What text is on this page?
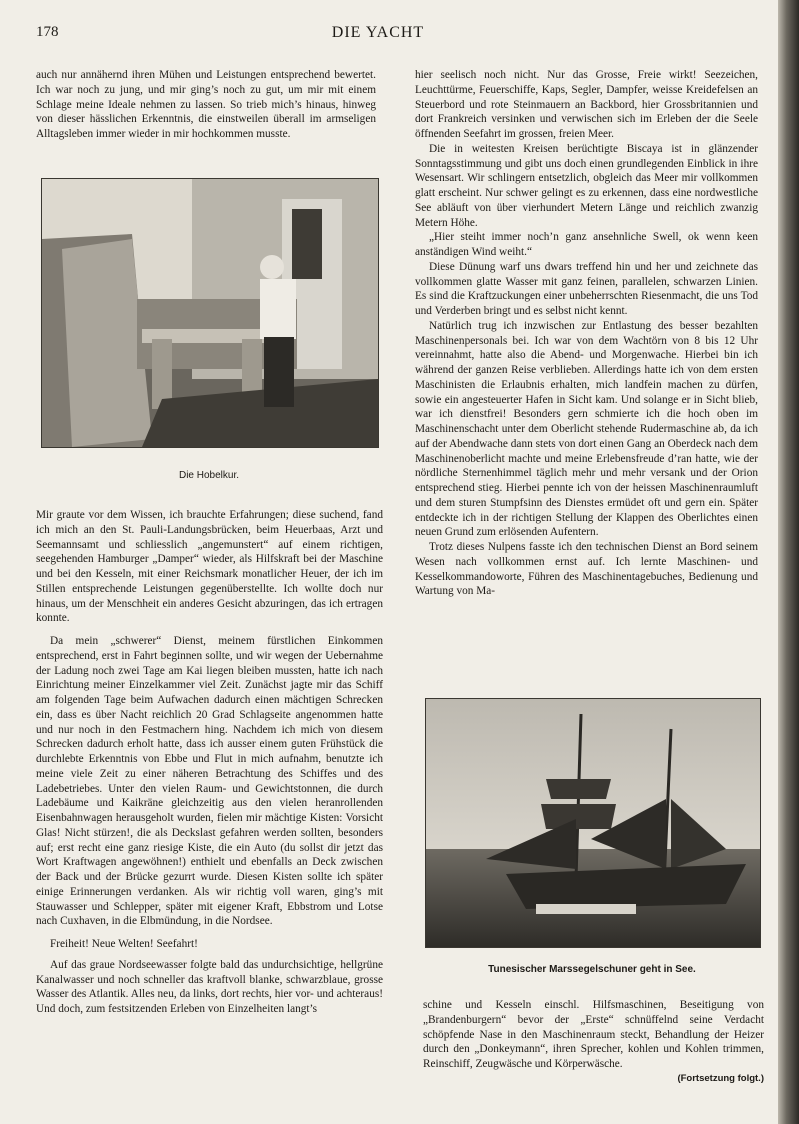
178	DIE YACHT

auch nur annähernd ihren Mühen und Leistungen entsprechend bewertet. Ich war noch zu jung, und mir ging’s noch zu gut, um mir mit einem Schlage meine Ideale nehmen zu lassen. So trieb mich’s hinaus, hinweg von dieser hässlichen Erkenntnis, die einstweilen überall im armseligen Alltagsleben immer wieder in mir hochkommen musste.

Die Hobelkur.

Mir graute vor dem Wissen, ich brauchte Erfahrungen; diese suchend, fand ich mich an den St. Pauli-Landungsbrücken, beim Heuerbaas, Arzt und Seemannsamt und schliesslich „angemunstert“ auf einem richtigen, seegehenden Hamburger „Damper“ wieder, als Hilfskraft bei der Maschine und bei den Kesseln, mit einer Reichsmark monatlicher Heuer, der ich im Stillen entsprechende Leistungen gegenüberstellte. Ich wollte doch nur hinaus, um der Menschheit ein anderes Gesicht abzuringen, das ich ertragen konnte.

Da mein „schwerer“ Dienst, meinem fürstlichen Einkommen entsprechend, erst in Fahrt beginnen sollte, und wir wegen der Uebernahme der Ladung noch zwei Tage am Kai liegen bleiben mussten, hatte ich nach Einrichtung meiner Einzelkammer viel Zeit. Zunächst jagte mir das Schiff am folgenden Tage beim Aufwachen dadurch einen mächtigen Schrecken ein, dass es über Nacht reichlich 20 Grad Schlagseite angenommen hatte und nur noch in den Festmachern hing. Nachdem ich mich von diesem Schrecken dadurch erholt hatte, dass ich ausser einem guten Frühstück die durchlebte Erkenntnis von Ebbe und Flut in mich aufnahm, benutzte ich meine viele Zeit zu einer näheren Betrachtung des Schiffes und des Ladebetriebes. Unter den vielen Raum- und Gewichtstonnen, die durch Ladebäume und Kaikräne gleichzeitig aus den vielen heranrollenden Eisenbahnwagen herausgeholt wurden, fielen mir mächtige Kisten: Vorsicht Glas! Nicht stürzen!, die als Deckslast gefahren werden sollten, besonders auf; erst recht eine ganz riesige Kiste, die ein Auto (du sollst dir jetzt das Wort Kraftwagen angewöhnen!) enthielt und ebenfalls an Deck zwischen der Back und der Brücke gezurrt wurde. Diesen Kisten sollte ich später einige Erinnerungen verdanken. Als wir richtig voll waren, ging’s mit Stauwasser und Schlepper, später mit eigener Kraft, Ebbstrom und Lotse nach Cuxhaven, in die Elbmündung, in die Nordsee.

Freiheit! Neue Welten! Seefahrt!

Auf das graue Nordseewasser folgte bald das undurchsichtige, hellgrüne Kanalwasser und noch schneller das kraftvoll blanke, schwarzblaue, grosse Wasser des Atlantik. Alles neu, da links, dort rechts, hier vor- und achteraus! Und doch, zum festsitzenden Erleben von Einzelheiten langt’s

hier seelisch noch nicht. Nur das Grosse, Freie wirkt! Seezeichen, Leuchttürme, Feuerschiffe, Kaps, Segler, Dampfer, weisse Kreidefelsen an Steuerbord und rote Steinmauern an Backbord, hier Grossbritannien und dort Frankreich versinken und verwischen sich im Erleben der die Seele öffnenden Seefahrt im grossen, freien Meer.

Die in weitesten Kreisen berüchtigte Biscaya ist in glänzender Sonntagsstimmung und gibt uns doch einen grundlegenden Einblick in ihre Wesensart. Wir schlingern entsetzlich, obgleich das Meer mir vollkommen glatt erscheint. Nur schwer gelingt es zu erkennen, dass eine nordwestliche See abläuft von über vierhundert Metern Länge und reichlich zwanzig Metern Höhe.

„Hier steiht immer noch’n ganz ansehnliche Swell, ok wenn keen anständigen Wind weiht.“

Diese Dünung warf uns dwars treffend hin und her und zeichnete das vollkommen glatte Wasser mit ganz feinen, parallelen, schwarzen Linien. Es sind die Kraftzuckungen einer unbeherrschten Riesenmacht, die uns Tod und Verderben bringt und es selbst nicht kennt.

Natürlich trug ich inzwischen zur Entlastung des besser bezahlten Maschinenpersonals bei. Ich war von dem Wachtörn von 8 bis 12 Uhr vereinnahmt, hatte also die Abend- und Morgenwache. Hierbei bin ich während der ganzen Reise verblieben. Allerdings hatte ich von dem ersten Maschinisten die Erlaubnis erhalten, mich landfein machen zu dürfen, sowie ein angesteuerter Hafen in Sicht kam. Und solange er in Sicht blieb, war ich dienstfrei! Besonders gern schmierte ich die hoch oben im Maschinenschacht unter dem Oberlicht stehende Rudermaschine ab, da ich auf der Abendwache dann stets von dort einen Gang an Oberdeck nach dem Maschinenoberlicht machte und meine Erlebensfreude d’ran hatte, wie der nördliche Sternenhimmel täglich mehr und mehr versank und der Orion entsprechend stieg. Hierbei pennte ich von der heissen Maschinenraumluft und dem sturen Stumpfsinn des Dienstes ermüdet oft und gern ein. Später entdeckte ich in der richtigen Stellung der Klappen des Oberlichtes einen neuen Grund zum erlösenden Aufentern.

Trotz dieses Nulpens fasste ich den technischen Dienst an Bord seinem Wesen nach vollkommen ernst auf. Ich lernte Maschinen- und Kesselkommandoworte, Führen des Maschinentagebuches, Bedienung und Wartung von Ma-

Tunesischer Marssegelschuner geht in See.

schine und Kesseln einschl. Hilfsmaschinen, Beseitigung von „Brandenburgern“ bevor der „Erste“ schnüffelnd seine Verdacht schöpfende Nase in den Maschinenraum steckt, Behandlung der Heizer durch den „Donkeymann“, ihren Sprecher, kohlen und Kohlen trimmen, Reinschiff, Zeugwäsche und Körperwäsche.

(Fortsetzung folgt.)
